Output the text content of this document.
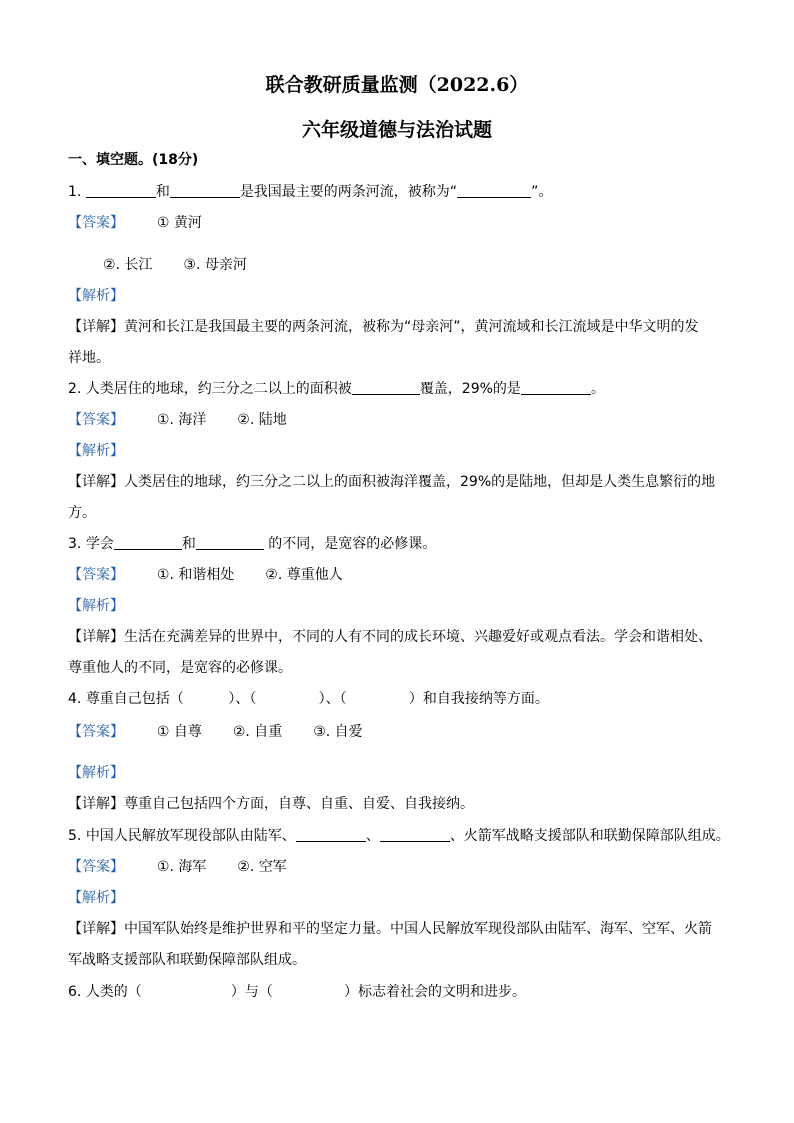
联合教研质量监测（2022.6）
六年级道德与法治试题
一、填空题。(18分)
1.	和	是我国最主要的两条河流，被称为“	”。
【答案】 ① 黄河
②. 长江 ③. 母亲河
【解析】
【详解】黄河和长江是我国最主要的两条河流，被称为“母亲河”，黄河流域和长江流域是中华文明的发
祥地。
2. 人类居住的地球，约三分之二以上的面积被	覆盖，29%的是	。
【答案】 ①. 海洋 ②. 陆地
【解析】
【详解】人类居住的地球，约三分之二以上的面积被海洋覆盖，29%的是陆地，但却是人类生息繁衍的地
方。
3. 学会	和	的不同，是宽容的必修课。
【答案】 ①. 和谐相处 ②. 尊重他人
【解析】
【详解】生活在充满差异的世界中，不同的人有不同的成长环境、兴趣爱好或观点看法。学会和谐相处、
尊重他人的不同，是宽容的必修课。
4. 尊重自己包括（          ）、（              ）、（              ）和自我接纳等方面。
【答案】 ① 自尊 ②. 自重 ③. 自爱
【解析】
【详解】尊重自己包括四个方面，自尊、自重、自爱、自我接纳。
5. 中国人民解放军现役部队由陆军、	、	、火箭军战略支援部队和联勤保障部队组成。
【答案】 ①. 海军 ②. 空军
【解析】
【详解】中国军队始终是维护世界和平的坚定力量。中国人民解放军现役部队由陆军、海军、空军、火箭
军战略支援部队和联勤保障部队组成。
6. 人类的（                    ）与（                ）标志着社会的文明和进步。
